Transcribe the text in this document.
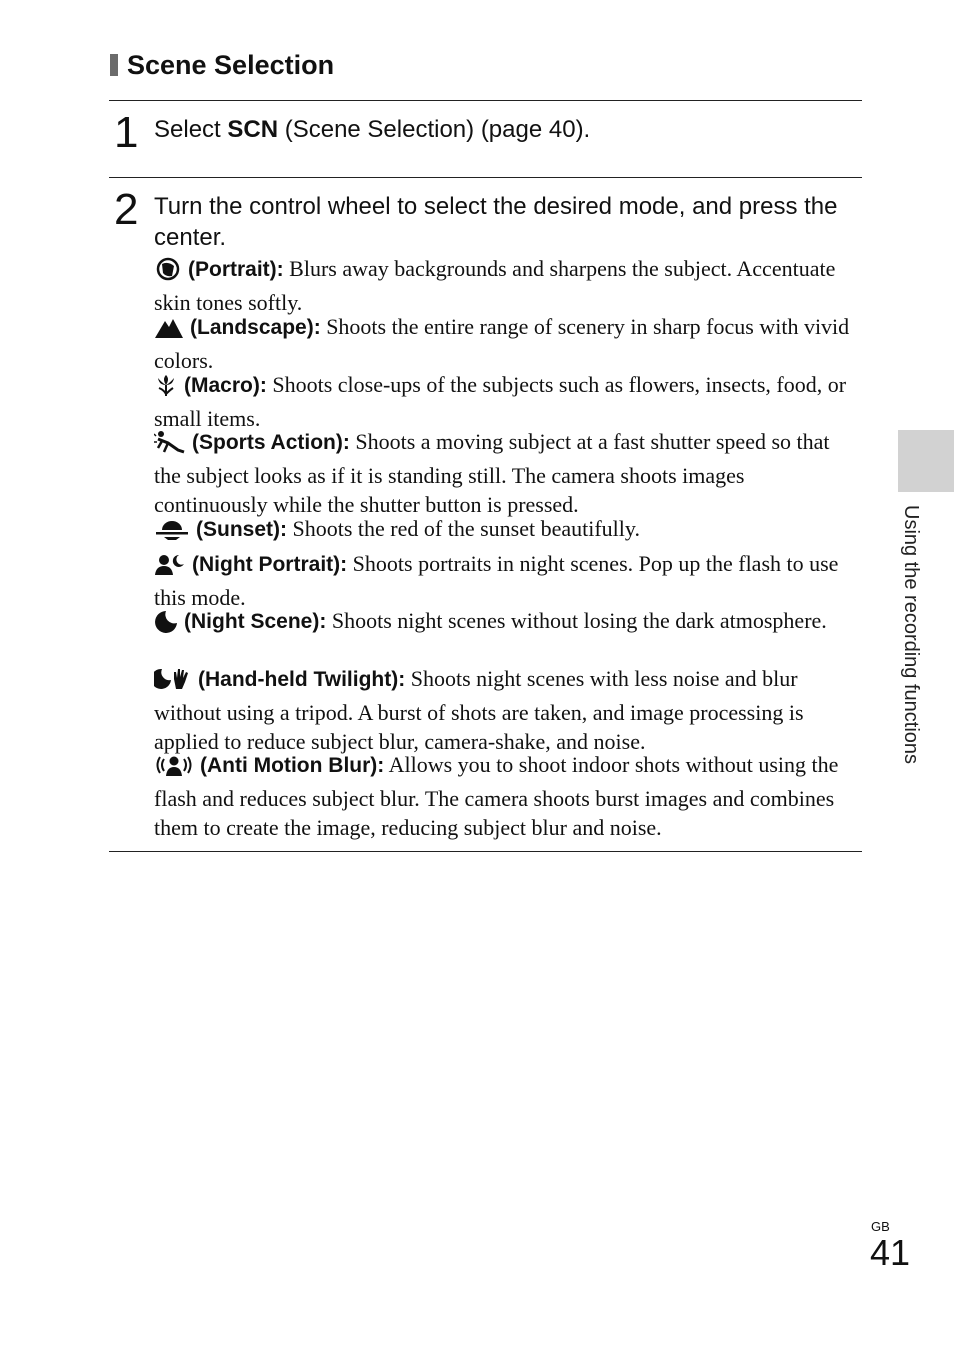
Scene Selection
1 Select SCN (Scene Selection) (page 40).
2 Turn the control wheel to select the desired mode, and press the center.
(Portrait): Blurs away backgrounds and sharpens the subject. Accentuate skin tones softly.
(Landscape): Shoots the entire range of scenery in sharp focus with vivid colors.
(Macro): Shoots close-ups of the subjects such as flowers, insects, food, or small items.
(Sports Action): Shoots a moving subject at a fast shutter speed so that the subject looks as if it is standing still. The camera shoots images continuously while the shutter button is pressed.
(Sunset): Shoots the red of the sunset beautifully.
(Night Portrait): Shoots portraits in night scenes. Pop up the flash to use this mode.
(Night Scene): Shoots night scenes without losing the dark atmosphere.
(Hand-held Twilight): Shoots night scenes with less noise and blur without using a tripod. A burst of shots are taken, and image processing is applied to reduce subject blur, camera-shake, and noise.
(Anti Motion Blur): Allows you to shoot indoor shots without using the flash and reduces subject blur. The camera shoots burst images and combines them to create the image, reducing subject blur and noise.
Using the recording functions
GB
41
